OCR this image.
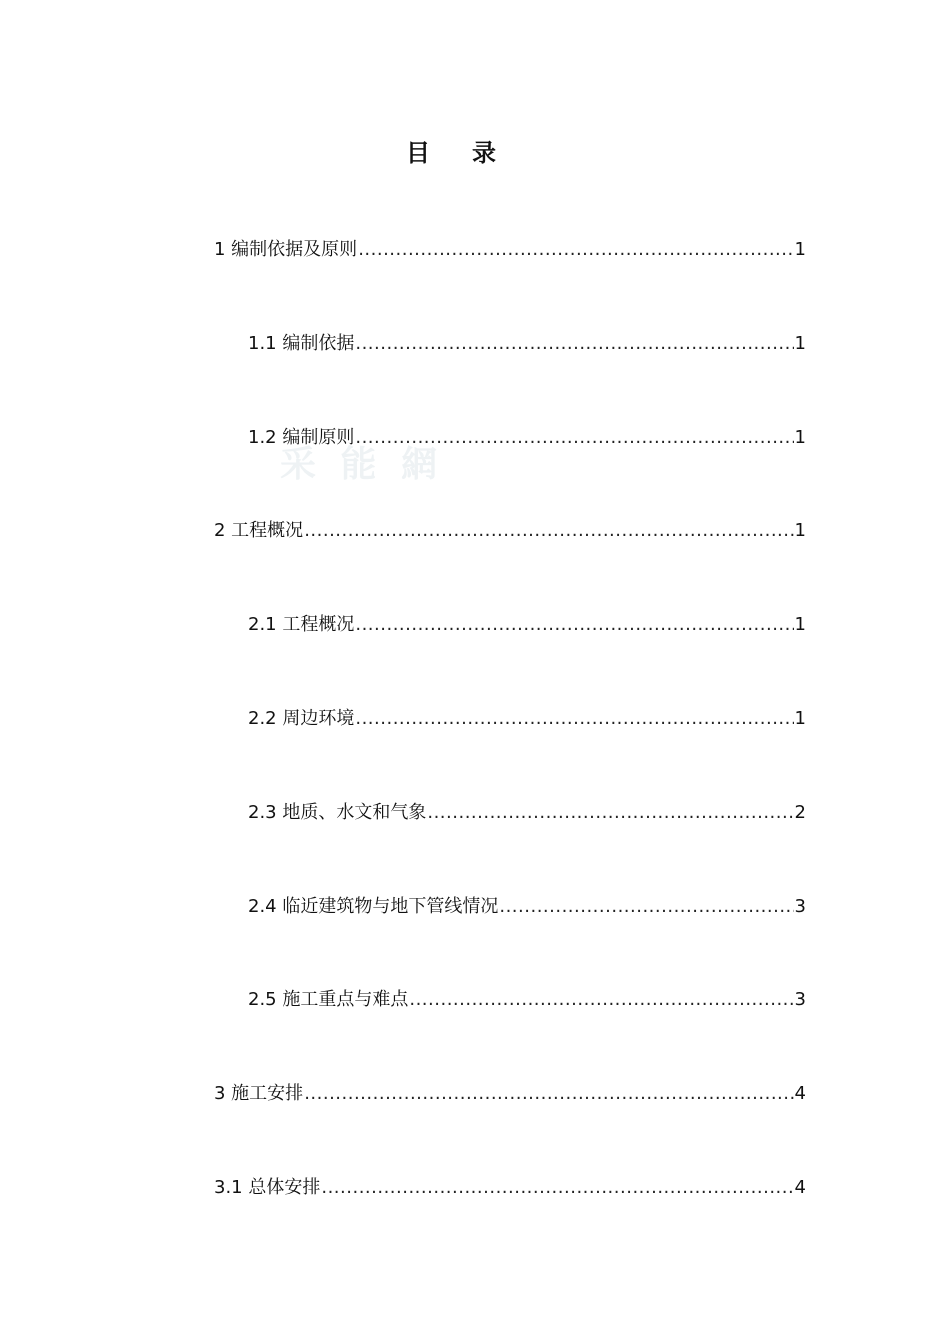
目 录
采 能 網
1 编制依据及原则 .....	1
1.1 编制依据 .....	1
1.2 编制原则 .....	1
2 工程概况 .....	1
2.1 工程概况 .....	1
2.2 周边环境 .....	1
2.3 地质、水文和气象 .....	2
2.4 临近建筑物与地下管线情况 .....	3
2.5 施工重点与难点 .....	3
3 施工安排 .....	4
3.1 总体安排 .....	4
